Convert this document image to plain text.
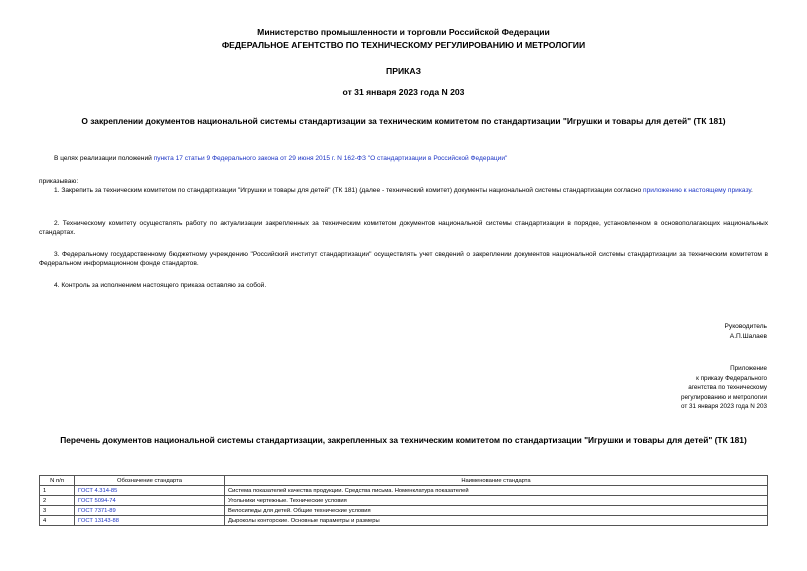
Министерство промышленности и торговли Российской Федерации
ФЕДЕРАЛЬНОЕ АГЕНТСТВО ПО ТЕХНИЧЕСКОМУ РЕГУЛИРОВАНИЮ И МЕТРОЛОГИИ
ПРИКАЗ
от 31 января 2023 года N 203
О закреплении документов национальной системы стандартизации за техническим комитетом по стандартизации "Игрушки и товары для детей" (ТК 181)
В целях реализации положений пункта 17 статьи 9 Федерального закона от 29 июня 2015 г. N 162-ФЗ "О стандартизации в Российской Федерации"
приказываю:
1. Закрепить за техническим комитетом по стандартизации "Игрушки и товары для детей" (ТК 181) (далее - технический комитет) документы национальной системы стандартизации согласно приложению к настоящему приказу.
2. Техническому комитету осуществлять работу по актуализации закрепленных за техническим комитетом документов национальной системы стандартизации в порядке, установленном в основополагающих национальных стандартах.
3. Федеральному государственному бюджетному учреждению "Российский институт стандартизации" осуществлять учет сведений о закреплении документов национальной системы стандартизации за техническим комитетом в Федеральном информационном фонде стандартов.
4. Контроль за исполнением настоящего приказа оставляю за собой.
Руководитель
А.П.Шалаев
Приложение
к приказу Федерального
агентства по техническому
регулированию и метрологии
от 31 января 2023 года N 203
Перечень документов национальной системы стандартизации, закрепленных за техническим комитетом по стандартизации "Игрушки и товары для детей" (ТК 181)
N п/п	Обозначение стандарта	Наименование стандарта
1	ГОСТ 4.314-85	Система показателей качества продукции. Средства письма. Номенклатура показателей
2	ГОСТ 5094-74	Угольники чертежные. Технические условия
3	ГОСТ 7371-89	Велосипеды для детей. Общие технические условия
4	ГОСТ 13143-88	Дыроколы конторские. Основные параметры и размеры
